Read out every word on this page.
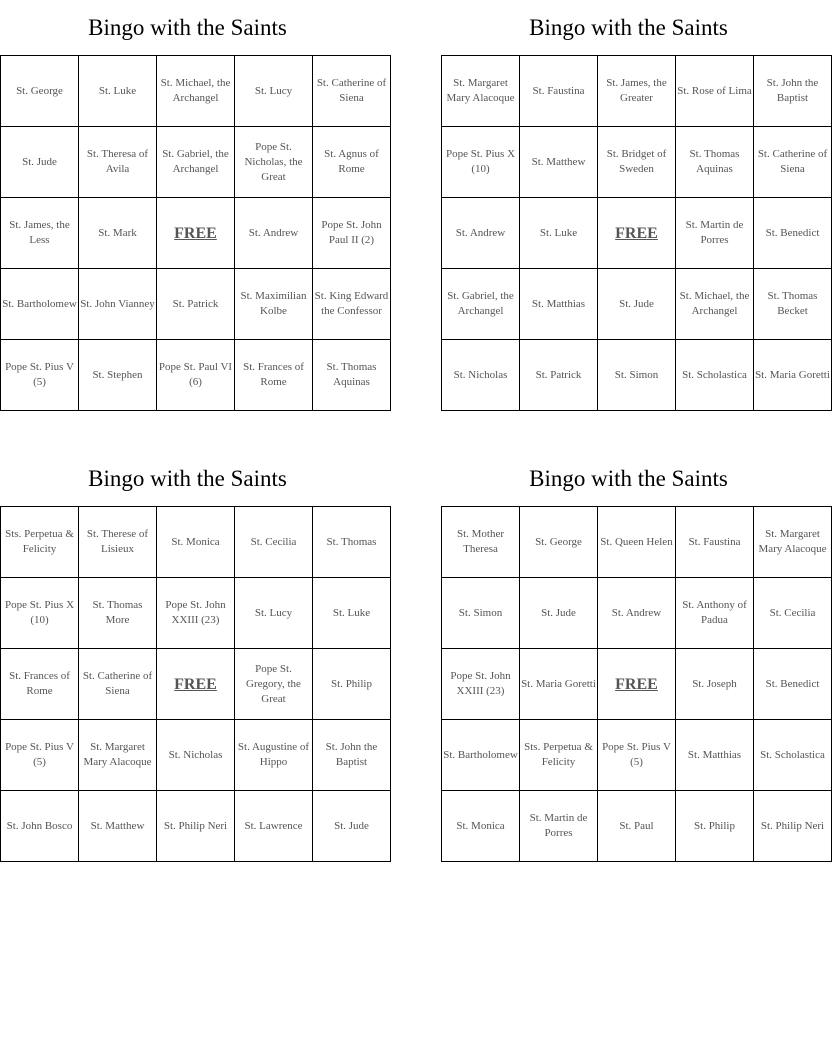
Bingo with the Saints
St. George	St. Luke	St. Michael, the Archangel	St. Lucy	St. Catherine of Siena
St. Jude	St. Theresa of Avila	St. Gabriel, the Archangel	Pope St. Nicholas, the Great	St. Agnus of Rome
St. James, the Less	St. Mark	FREE	St. Andrew	Pope St. John Paul II (2)
St. Bartholomew	St. John Vianney	St. Patrick	St. Maximilian Kolbe	St. King Edward the Confessor
Pope St. Pius V (5)	St. Stephen	Pope St. Paul VI (6)	St. Frances of Rome	St. Thomas Aquinas
Bingo with the Saints
St. Margaret Mary Alacoque	St. Faustina	St. James, the Greater	St. Rose of Lima	St. John the Baptist
Pope St. Pius X (10)	St. Matthew	St. Bridget of Sweden	St. Thomas Aquinas	St. Catherine of Siena
St. Andrew	St. Luke	FREE	St. Martin de Porres	St. Benedict
St. Gabriel, the Archangel	St. Matthias	St. Jude	St. Michael, the Archangel	St. Thomas Becket
St. Nicholas	St. Patrick	St. Simon	St. Scholastica	St. Maria Goretti
Bingo with the Saints
Sts. Perpetua & Felicity	St. Therese of Lisieux	St. Monica	St. Cecilia	St. Thomas
Pope St. Pius X (10)	St. Thomas More	Pope St. John XXIII (23)	St. Lucy	St. Luke
St. Frances of Rome	St. Catherine of Siena	FREE	Pope St. Gregory, the Great	St. Philip
Pope St. Pius V (5)	St. Margaret Mary Alacoque	St. Nicholas	St. Augustine of Hippo	St. John the Baptist
St. John Bosco	St. Matthew	St. Philip Neri	St. Lawrence	St. Jude
Bingo with the Saints
St. Mother Theresa	St. George	St. Queen Helen	St. Faustina	St. Margaret Mary Alacoque
St. Simon	St. Jude	St. Andrew	St. Anthony of Padua	St. Cecilia
Pope St. John XXIII (23)	St. Maria Goretti	FREE	St. Joseph	St. Benedict
St. Bartholomew	Sts. Perpetua & Felicity	Pope St. Pius V (5)	St. Matthias	St. Scholastica
St. Monica	St. Martin de Porres	St. Paul	St. Philip	St. Philip Neri
